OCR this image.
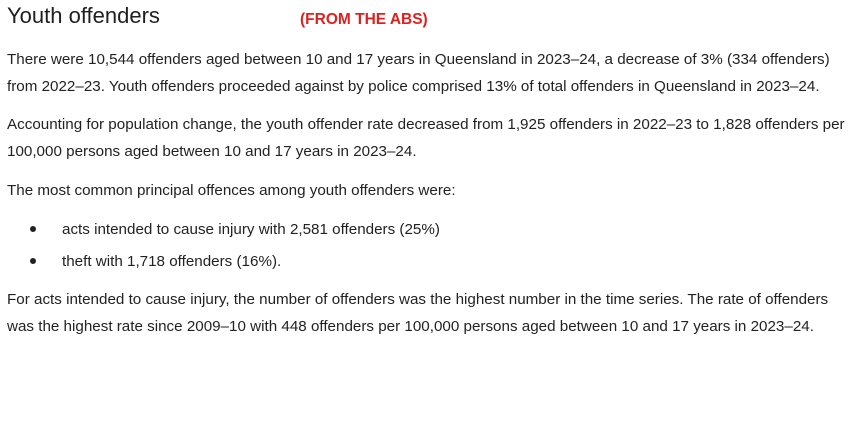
Youth offenders	(FROM THE ABS)

There were 10,544 offenders aged between 10 and 17 years in Queensland in 2023–24, a decrease of 3% (334 offenders) from 2022–23. Youth offenders proceeded against by police comprised 13% of total offenders in Queensland in 2023–24.

Accounting for population change, the youth offender rate decreased from 1,925 offenders in 2022–23 to 1,828 offenders per 100,000 persons aged between 10 and 17 years in 2023–24.

The most common principal offences among youth offenders were:

acts intended to cause injury with 2,581 offenders (25%)
theft with 1,718 offenders (16%).

For acts intended to cause injury, the number of offenders was the highest number in the time series. The rate of offenders was the highest rate since 2009–10 with 448 offenders per 100,000 persons aged between 10 and 17 years in 2023–24.
